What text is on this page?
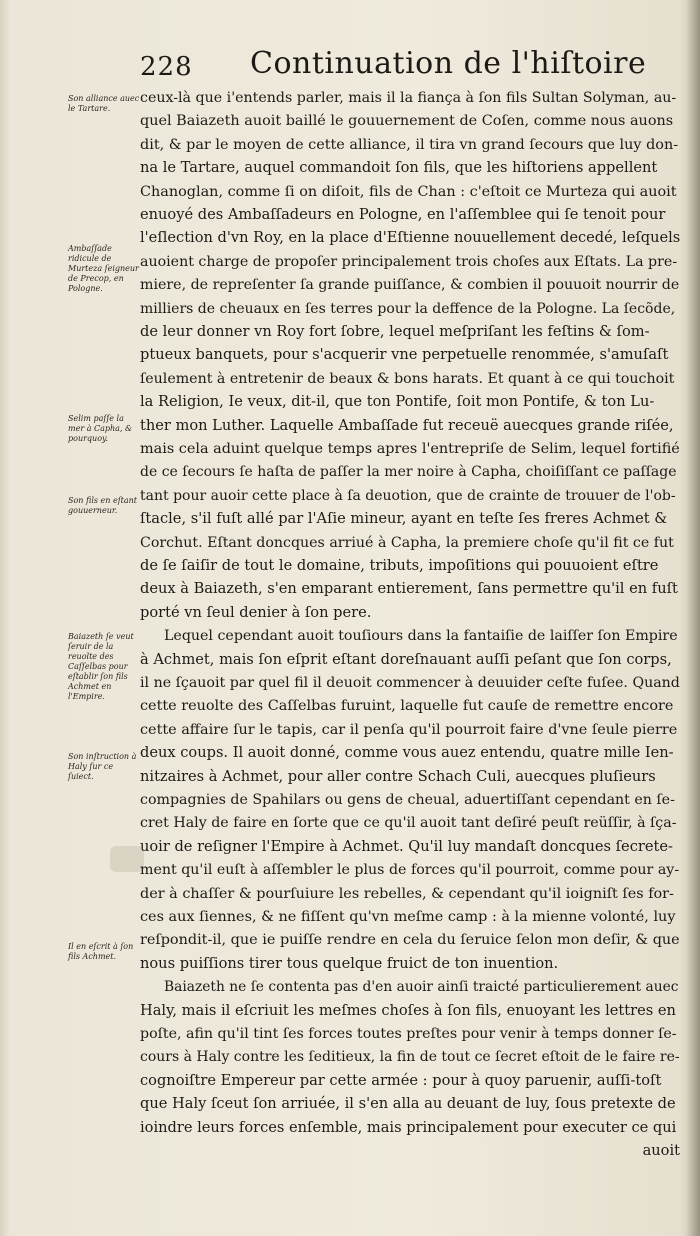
228 Continuation de l'hiſtoire
Son alliance auec le Tartare.
Ambaſſade ridicule de Murteza ſeigneur de Precop, en Pologne.
Selim paſſe la mer à Capha, & pourquoy.
Son fils en eſtant gouuerneur.
Baiazeth ſe veut ſeruir de la reuolte des Caſſelbas pour eſtablir ſon fils Achmet en l'Empire.
Son inſtruction à Haly ſur ce ſuiect.
Il en eſcrit à ſon fils Achmet.
ceux-là que i'entends parler, mais il la fiança à ſon fils Sultan Solyman, au-
quel Baiazeth auoit baillé le gouuernement de Coſen, comme nous auons
dit, & par le moyen de cette alliance, il tira vn grand ſecours que luy don-
na le Tartare, auquel commandoit ſon fils, que les hiſtoriens appellent
Chanoglan, comme ſi on diſoit, fils de Chan : c'eſtoit ce Murteza qui auoit
enuoyé des Ambaſſadeurs en Pologne, en l'aſſemblee qui ſe tenoit pour
l'eſlection d'vn Roy, en la place d'Eſtienne nouuellement decedé, leſquels
auoient charge de propoſer principalement trois choſes aux Eſtats. La pre-
miere, de repreſenter ſa grande puiſſance, & combien il pouuoit nourrir de
milliers de cheuaux en ſes terres pour la deffence de la Pologne. La ſecõde,
de leur donner vn Roy fort ſobre, lequel meſpriſant les feſtins & ſom-
ptueux banquets, pour s'acquerir vne perpetuelle renommée, s'amuſaſt
ſeulement à entretenir de beaux & bons harats. Et quant à ce qui touchoit
la Religion, Ie veux, dit-il, que ton Pontife, ſoit mon Pontife, & ton Lu-
ther mon Luther. Laquelle Ambaſſade fut receuë auecques grande riſée,
mais cela aduint quelque temps apres l'entrepriſe de Selim, lequel fortifié
de ce ſecours ſe haſta de paſſer la mer noire à Capha, choiſiſſant ce paſſage
tant pour auoir cette place à ſa deuotion, que de crainte de trouuer de l'ob-
ſtacle, s'il fuſt allé par l'Aſie mineur, ayant en teſte ſes freres Achmet &
Corchut. Eſtant doncques arriué à Capha, la premiere choſe qu'il fit ce fut
de ſe ſaiſir de tout le domaine, tributs, impoſitions qui pouuoient eſtre
deux à Baiazeth, s'en emparant entierement, ſans permettre qu'il en fuſt
porté vn ſeul denier à ſon pere.
Lequel cependant auoit touſiours dans la fantaiſie de laiſſer ſon Empire
à Achmet, mais ſon eſprit eſtant doreſnauant auſſi peſant que ſon corps,
il ne ſçauoit par quel fil il deuoit commencer à deuuider ceſte fuſee. Quand
cette reuolte des Caſſelbas furuint, laquelle fut cauſe de remettre encore
cette affaire ſur le tapis, car il penſa qu'il pourroit faire d'vne ſeule pierre
deux coups. Il auoit donné, comme vous auez entendu, quatre mille Ien-
nitzaires à Achmet, pour aller contre Schach Culi, auecques pluſieurs
compagnies de Spahilars ou gens de cheual, aduertiſſant cependant en ſe-
cret Haly de faire en ſorte que ce qu'il auoit tant deſiré peuſt reüſſir, à ſça-
uoir de reſigner l'Empire à Achmet. Qu'il luy mandaſt doncques ſecrete-
ment qu'il euſt à aſſembler le plus de forces qu'il pourroit, comme pour ay-
der à chaſſer & pourſuiure les rebelles, & cependant qu'il ioigniſt ſes for-
ces aux ſiennes, & ne fiſſent qu'vn meſme camp : à la mienne volonté, luy
reſpondit-il, que ie puiſſe rendre en cela du ſeruice ſelon mon deſir, & que
nous puiſſions tirer tous quelque fruict de ton inuention.
Baiazeth ne ſe contenta pas d'en auoir ainſi traicté particulierement auec
Haly, mais il eſcriuit les meſmes choſes à ſon fils, enuoyant les lettres en
poſte, afin qu'il tint ſes forces toutes preſtes pour venir à temps donner ſe-
cours à Haly contre les ſeditieux, la fin de tout ce ſecret eſtoit de le faire re-
cognoiſtre Empereur par cette armée : pour à quoy paruenir, auſſi-toſt
que Haly ſceut ſon arriuée, il s'en alla au deuant de luy, ſous pretexte de
ioindre leurs forces enſemble, mais principalement pour executer ce qui
auoit
